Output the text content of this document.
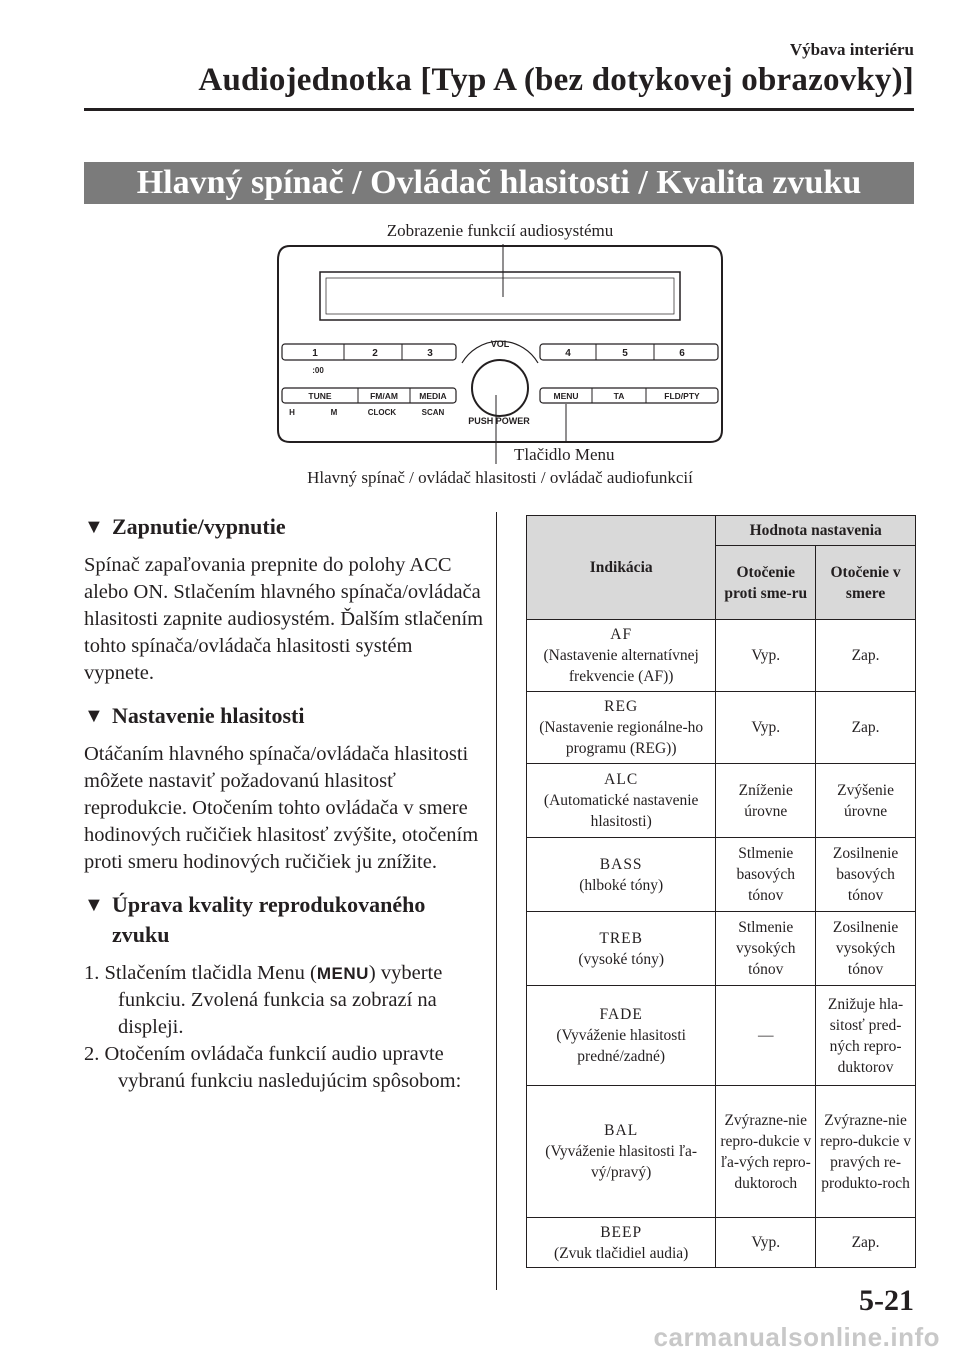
Výbava interiéru
Audiojednotka [Typ A (bez dotykovej obrazovky)]
Hlavný spínač / Ovládač hlasitosti / Kvalita zvuku
Zobrazenie funkcií audiosystému
1	2	3
:00
4	5	6
VOL
PUSH POWER
TUNE	FM/AM	MEDIA
H	M	CLOCK	SCAN
MENU	TA	FLD/PTY
Tlačidlo Menu
Hlavný spínač / ovládač hlasitosti / ovládač audiofunkcií
▼ Zapnutie/vypnutie

Spínač zapaľovania prepnite do polohy ACC alebo ON. Stlačením hlavného spínača/ovládača hlasitosti zapnite audiosystém. Ďalším stlačením tohto spínača/ovládača hlasitosti systém vypnete.

▼ Nastavenie hlasitosti

Otáčaním hlavného spínača/ovládača hlasitosti môžete nastaviť požadovanú hlasitosť reprodukcie. Otočením tohto ovládača v smere hodinových ručičiek hlasitosť zvýšite, otočením proti smeru hodinových ručičiek ju znížite.

▼ Úprava kvality reprodukovaného zvuku

1. Stlačením tlačidla Menu (MENU) vyberte funkciu. Zvolená funkcia sa zobrazí na displeji.

2. Otočením ovládača funkcií audio upravte vybranú funkciu nasledujúcim spôsobom:

Indikácia	Hodnota nastavenia	
	Otočenie proti sme-ru	Otočenie v smere

AF
(Nastavenie alternatívnej frekvencie (AF))	Vyp.	Zap.

REG
(Nastavenie regionálne-ho programu (REG))	Vyp.	Zap.

ALC
(Automatické nastavenie hlasitosti)	Zníženie úrovne	Zvýšenie úrovne

BASS
(hlboké tóny)	Stlmenie basových tónov	Zosilnenie basových tónov

TREB
(vysoké tóny)	Stlmenie vysokých tónov	Zosilnenie vysokých tónov

FADE
(Vyváženie hlasitosti predné/zadné)	—	Znižuje hla-sitosť pred-ných repro-duktorov

BAL
(Vyváženie hlasitosti ľa-vý/pravý)	Zvýrazne-nie repro-dukcie v ľa-vých repro-duktoroch	Zvýrazne-nie repro-dukcie v pravých re-produkto-roch

BEEP
(Zvuk tlačidiel audia)	Vyp.	Zap.
5-21
carmanualsonline.info
